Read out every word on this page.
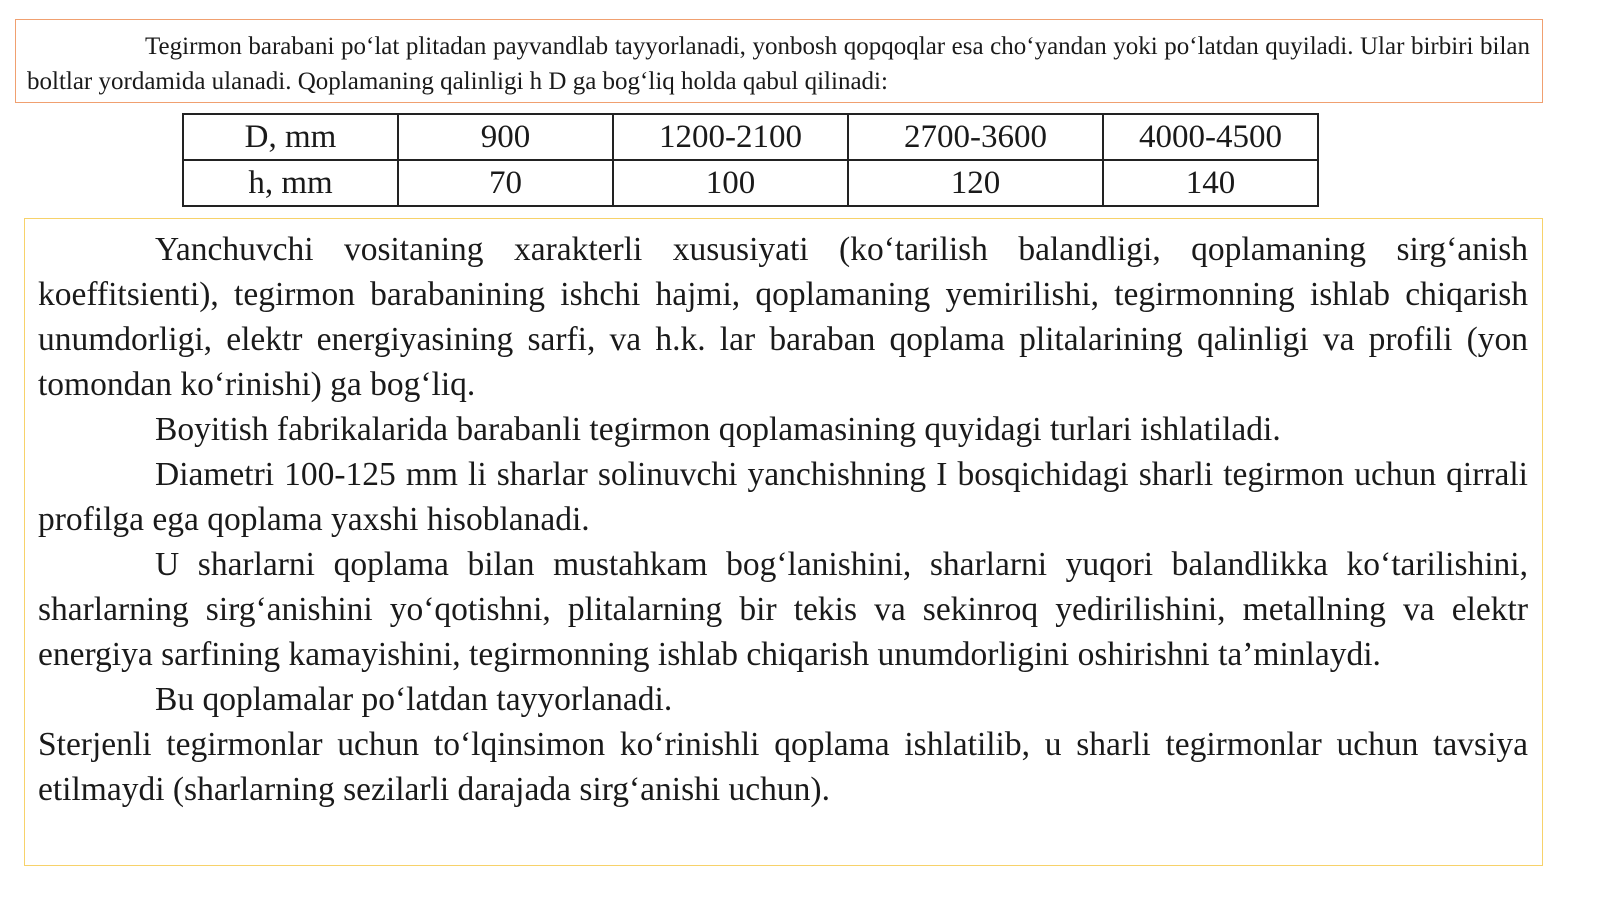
Tegirmon barabani po‘lat plitadan payvandlab tayyorlanadi, yonbosh qopqoqlar esa cho‘yandan yoki po‘latdan quyiladi. Ular birbiri bilan boltlar yordamida ulanadi. Qoplamaning qalinligi h D ga bog‘liq holda qabul qilinadi:

D, mm	900	1200-2100	2700-3600	4000-4500
h, mm	70	100	120	140

Yanchuvchi vositaning xarakterli xususiyati (ko‘tarilish balandligi, qoplamaning sirg‘anish koeffitsienti), tegirmon barabanining ishchi hajmi, qoplamaning yemirilishi, tegirmonning ishlab chiqarish unumdorligi, elektr energiyasining sarfi, va h.k. lar baraban qoplama plitalarining qalinligi va profili (yon tomondan ko‘rinishi) ga bog‘liq.

Boyitish fabrikalarida barabanli tegirmon qoplamasining quyidagi turlari ishlatiladi.

Diametri 100-125 mm li sharlar solinuvchi yanchishning I bosqichidagi sharli tegirmon uchun qirrali profilga ega qoplama yaxshi hisoblanadi.

U sharlarni qoplama bilan mustahkam bog‘lanishini, sharlarni yuqori balandlikka ko‘tarilishini, sharlarning sirg‘anishini yo‘qotishni, plitalarning bir tekis va sekinroq yedirilishini, metallning va elektr energiya sarfining kamayishini, tegirmonning ishlab chiqarish unumdorligini oshirishni ta’minlaydi.

Bu qoplamalar po‘latdan tayyorlanadi.

Sterjenli tegirmonlar uchun to‘lqinsimon ko‘rinishli qoplama ishlatilib, u sharli tegirmonlar uchun tavsiya etilmaydi (sharlarning sezilarli darajada sirg‘anishi uchun).
